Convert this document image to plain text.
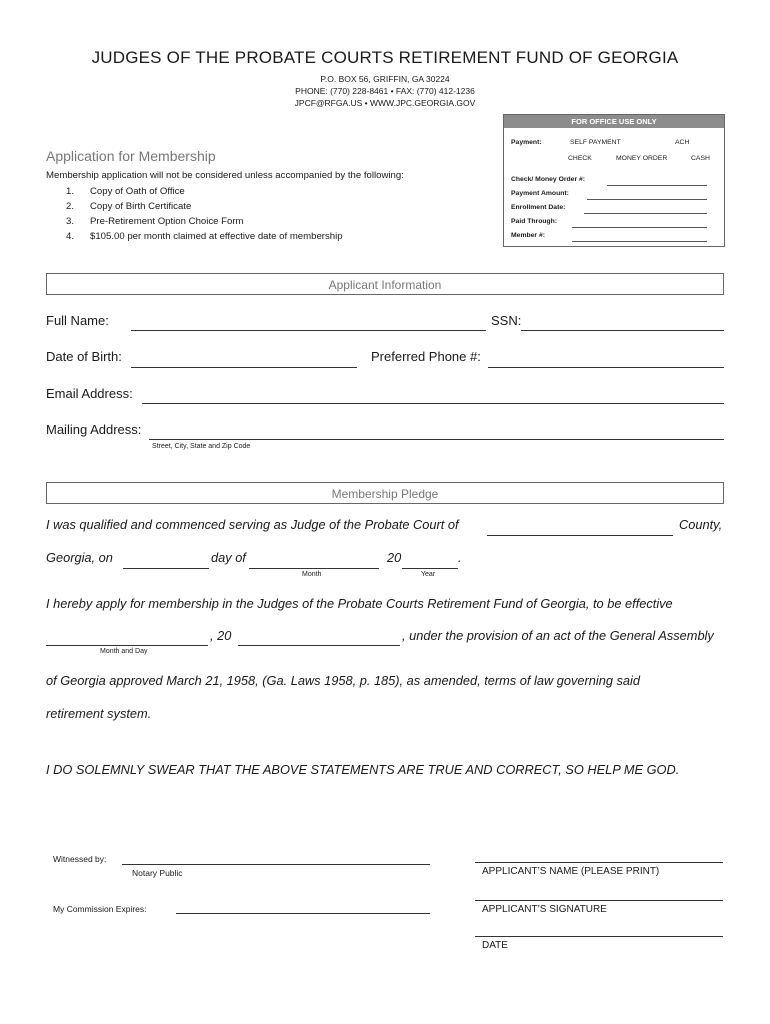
JUDGES OF THE PROBATE COURTS RETIREMENT FUND OF GEORGIA
P.O. BOX 56, GRIFFIN, GA 30224
PHONE: (770) 228-8461 • FAX: (770) 412-1236
JPCF@RFGA.US • WWW.JPC.GEORGIA.GOV
FOR OFFICE USE ONLY
Payment:	SELF PAYMENT	ACH
CHECK	MONEY ORDER	CASH
Check/ Money Order #:
Payment Amount:
Enrollment Date:
Paid Through:
Member #:
Application for Membership
Membership application will not be considered unless accompanied by the following:
1. Copy of Oath of Office
2. Copy of Birth Certificate
3. Pre-Retirement Option Choice Form
4. $105.00 per month claimed at effective date of membership
Applicant Information
Full Name:	SSN:
Date of Birth:	Preferred Phone #:
Email Address:
Mailing Address:
Street, City, State and Zip Code
Membership Pledge
I was qualified and commenced serving as Judge of the Probate Court of	County,
Georgia, on	day of	20	.
Month	Year
I hereby apply for membership in the Judges of the Probate Courts Retirement Fund of Georgia, to be effective
, 20	, under the provision of an act of the General Assembly
Month and Day
of Georgia approved March 21, 1958, (Ga. Laws 1958, p. 185), as amended, terms of law governing said
retirement system.
I DO SOLEMNLY SWEAR THAT THE ABOVE STATEMENTS ARE TRUE AND CORRECT, SO HELP ME GOD.
Witnessed by:
Notary Public
My Commission Expires:
APPLICANT’S NAME (PLEASE PRINT)
APPLICANT’S SIGNATURE
DATE
